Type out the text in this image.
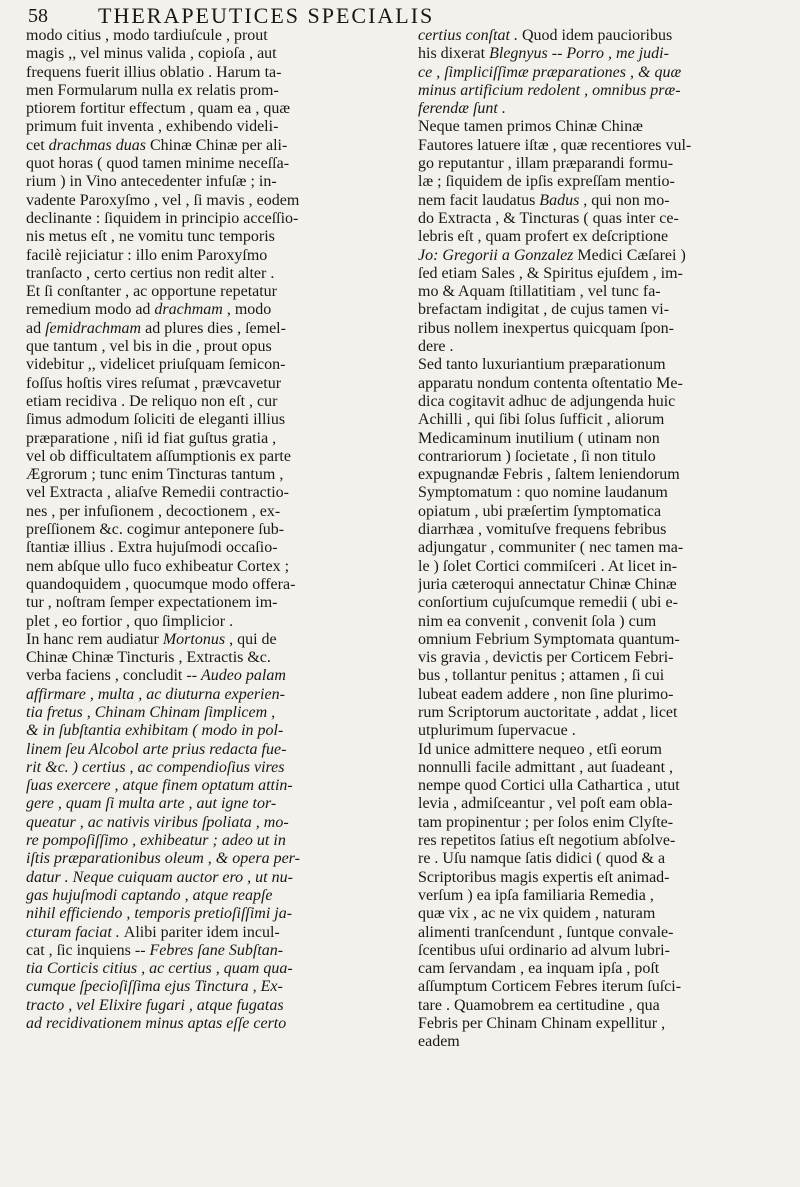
58 THERAPEUTICES SPECIALIS
modo citius , modo tardiuſcule , prout
magis ,, vel minus valida , copioſa , aut
frequens fuerit illius oblatio . Harum ta-
men Formularum nulla ex relatis prom-
ptiorem fortitur effectum , quam ea , quæ
primum fuit inventa , exhibendo videli-
cet drachmas duas Chinæ Chinæ per ali-
quot horas ( quod tamen minime neceſſa-
rium ) in Vino antecedenter infuſæ ; in-
vadente Paroxyſmo , vel , ſi mavis , eodem
declinante : ſiquidem in principio acceſſio-
nis metus eſt , ne vomitu tunc temporis
facilè rejiciatur : illo enim Paroxyſmo
tranſacto , certo certius non redit alter .
Et ſi conſtanter , ac opportune repetatur
remedium modo ad drachmam , modo
ad ſemidrachmam ad plures dies , ſemel-
que tantum , vel bis in die , prout opus
videbitur ,, videlicet priuſquam ſemicon-
foſſus hoſtis vires reſumat , prævcavetur
etiam recidiva . De reliquo non eſt , cur
ſimus admodum ſoliciti de eleganti illius
præparatione , niſi id fiat guſtus gratia ,
vel ob difficultatem aſſumptionis ex parte
Ægrorum ; tunc enim Tincturas tantum ,
vel Extracta , aliaſve Remedii contractio-
nes , per infuſionem , decoctionem , ex-
preſſionem &c. cogimur anteponere ſub-
ſtantiæ illius . Extra hujuſmodi occaſio-
nem abſque ullo fuco exhibeatur Cortex ;
quandoquidem , quocumque modo offera-
tur , noſtram ſemper expectationem im-
plet , eo fortior , quo ſimplicior .
In hanc rem audiatur Mortonus , qui de
Chinæ Chinæ Tincturis , Extractis &c.
verba faciens , concludit -- Audeo palam
affirmare , multa , ac diuturna experien-
tia fretus , Chinam Chinam ſimplicem ,
& in ſubſtantia exhibitam ( modo in pol-
linem ſeu Alcobol arte prius redacta fue-
rit &c. ) certius , ac compendioſius vires
ſuas exercere , atque finem optatum attin-
gere , quam ſi multa arte , aut igne tor-
queatur , ac nativis viribus ſpoliata , mo-
re pompoſiſſimo , exhibeatur ; adeo ut in
iſtis præparationibus oleum , & opera per-
datur . Neque cuiquam auctor ero , ut nu-
gas hujuſmodi captando , atque reapſe
nihil efficiendo , temporis pretioſiſſimi ja-
cturam faciat . Alibi pariter idem incul-
cat , ſic inquiens -- Febres ſane Subſtan-
tia Corticis citius , ac certius , quam qua-
cumque ſpecioſiſſima ejus Tinctura , Ex-
tracto , vel Elixire fugari , atque fugatas
ad recidivationem minus aptas eſſe certo
certius conſtat . Quod idem paucioribus
his dixerat Blegnyus -- Porro , me judi-
ce , ſimpliciſſimæ præparationes , & quæ
minus artificium redolent , omnibus præ-
ferendæ ſunt .
Neque tamen primos Chinæ Chinæ
Fautores latuere iſtæ , quæ recentiores vul-
go reputantur , illam præparandi formu-
læ ; ſiquidem de ipſis expreſſam mentio-
nem facit laudatus Badus , qui non mo-
do Extracta , & Tincturas ( quas inter ce-
lebris eſt , quam profert ex deſcriptione
Jo: Gregorii a Gonzalez Medici Cæſarei )
ſed etiam Sales , & Spiritus ejuſdem , im-
mo & Aquam ſtillatitiam , vel tunc fa-
brefactam indigitat , de cujus tamen vi-
ribus nollem inexpertus quicquam ſpon-
dere .
Sed tanto luxuriantium præparationum
apparatu nondum contenta oſtentatio Me-
dica cogitavit adhuc de adjungenda huic
Achilli , qui ſibi ſolus ſufficit , aliorum
Medicaminum inutilium ( utinam non
contrariorum ) ſocietate , ſi non titulo
expugnandæ Febris , ſaltem leniendorum
Symptomatum : quo nomine laudanum
opiatum , ubi præſertim ſymptomatica
diarrhæa , vomituſve frequens febribus
adjungatur , communiter ( nec tamen ma-
le ) ſolet Cortici commiſceri . At licet in-
juria cæteroqui annectatur Chinæ Chinæ
conſortium cujuſcumque remedii ( ubi e-
nim ea convenit , convenit ſola ) cum
omnium Febrium Symptomata quantum-
vis gravia , devictis per Corticem Febri-
bus , tollantur penitus ; attamen , ſi cui
lubeat eadem addere , non ſine plurimo-
rum Scriptorum auctoritate , addat , licet
utplurimum ſupervacue .
Id unice admittere nequeo , etſi eorum
nonnulli facile admittant , aut ſuadeant ,
nempe quod Cortici ulla Cathartica , utut
levia , admiſceantur , vel poſt eam obla-
tam propinentur ; per ſolos enim Clyſte-
res repetitos ſatius eſt negotium abſolve-
re . Uſu namque ſatis didici ( quod & a
Scriptoribus magis expertis eſt animad-
verſum ) ea ipſa familiaria Remedia ,
quæ vix , ac ne vix quidem , naturam
alimenti tranſcendunt , ſuntque convale-
ſcentibus uſui ordinario ad alvum lubri-
cam ſervandam , ea inquam ipſa , poſt
aſſumptum Corticem Febres iterum ſuſci-
tare . Quamobrem ea certitudine , qua
Febris per Chinam Chinam expellitur ,
eadem
